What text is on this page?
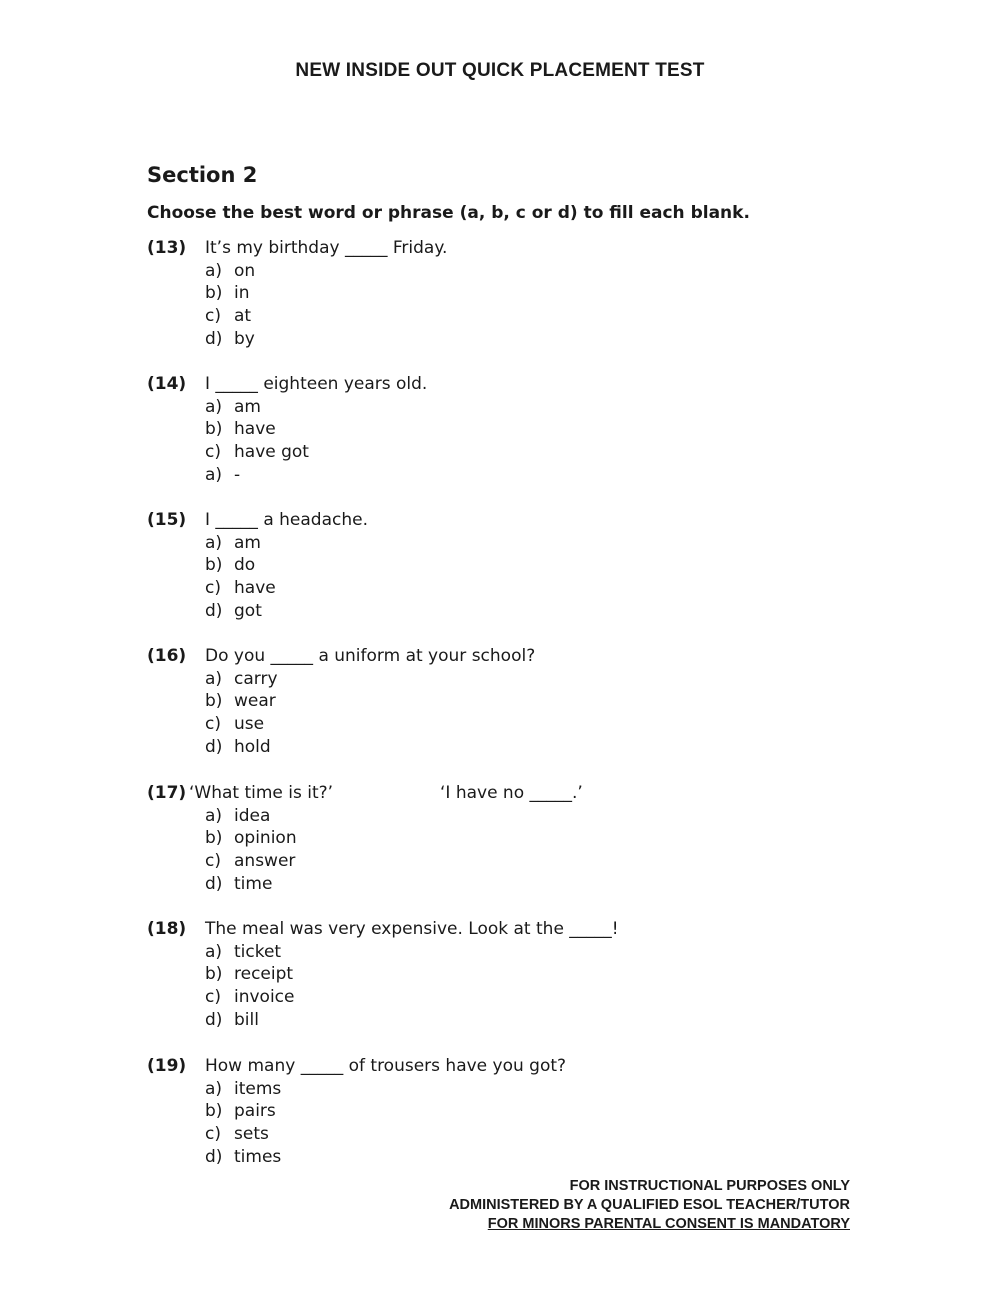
NEW INSIDE OUT QUICK PLACEMENT TEST
Section 2
Choose the best word or phrase (a, b, c or d) to fill each blank.
(13) It’s my birthday _____ Friday.
a) on
b) in
c) at
d) by
(14) I _____ eighteen years old.
a) am
b) have
c) have got
a) -
(15) I _____ a headache.
a) am
b) do
c) have
d) got
(16) Do you _____ a uniform at your school?
a) carry
b) wear
c) use
d) hold
(17) ‘What time is it?’	‘I have no _____.’
a) idea
b) opinion
c) answer
d) time
(18) The meal was very expensive. Look at the _____!
a) ticket
b) receipt
c) invoice
d) bill
(19) How many _____ of trousers have you got?
a) items
b) pairs
c) sets
d) times
FOR INSTRUCTIONAL PURPOSES ONLY
ADMINISTERED BY A QUALIFIED ESOL TEACHER/TUTOR
FOR MINORS PARENTAL CONSENT IS MANDATORY
